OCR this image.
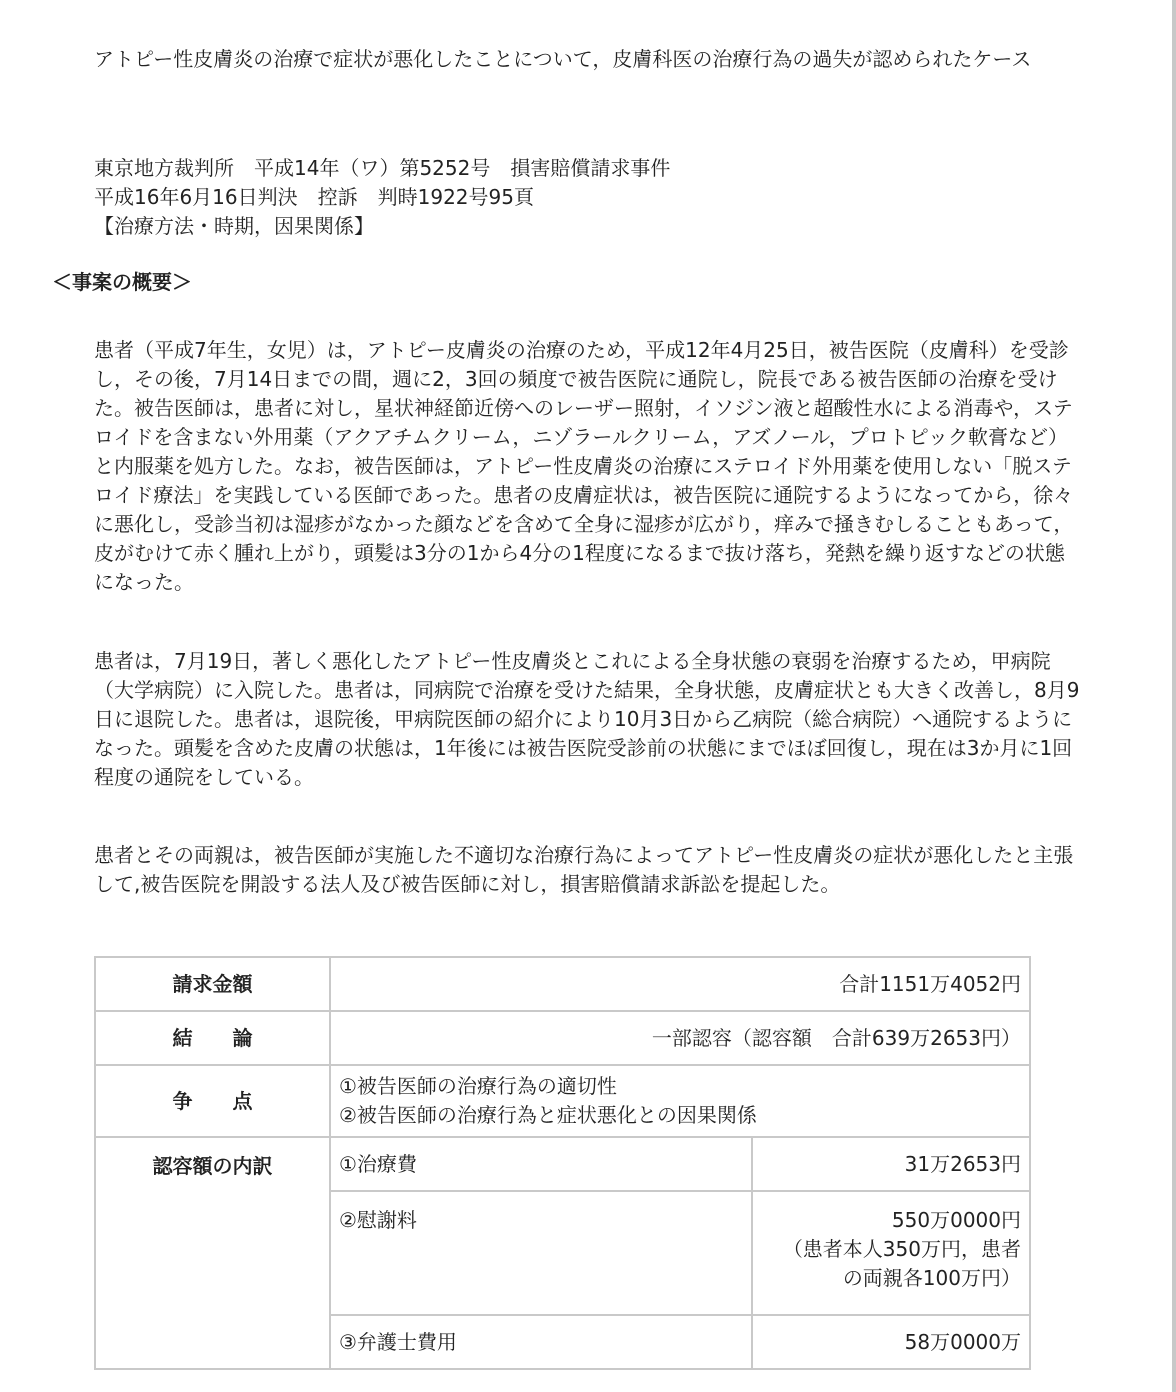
アトピー性皮膚炎の治療で症状が悪化したことについて，皮膚科医の治療行為の過失が認められたケース

東京地方裁判所　平成14年（ワ）第5252号　損害賠償請求事件

平成16年6月16日判決　控訴　判時1922号95頁

【治療方法・時期，因果関係】

＜事案の概要＞

患者（平成7年生，女児）は，アトピー皮膚炎の治療のため，平成12年4月25日，被告医院（皮膚科）を受診し，その後，7月14日までの間，週に2，3回の頻度で被告医院に通院し，院長である被告医師の治療を受けた。被告医師は，患者に対し，星状神経節近傍へのレーザー照射，イソジン液と超酸性水による消毒や，ステロイドを含まない外用薬（アクアチムクリーム，ニゾラールクリーム，アズノール，プロトピック軟膏など）と内服薬を処方した。なお，被告医師は，アトピー性皮膚炎の治療にステロイド外用薬を使用しない「脱ステロイド療法」を実践している医師であった。患者の皮膚症状は，被告医院に通院するようになってから，徐々に悪化し，受診当初は湿疹がなかった顔などを含めて全身に湿疹が広がり，痒みで掻きむしることもあって，皮がむけて赤く腫れ上がり，頭髪は3分の1から4分の1程度になるまで抜け落ち，発熱を繰り返すなどの状態になった。

患者は，7月19日，著しく悪化したアトピー性皮膚炎とこれによる全身状態の衰弱を治療するため，甲病院（大学病院）に入院した。患者は，同病院で治療を受けた結果，全身状態，皮膚症状とも大きく改善し，8月9日に退院した。患者は，退院後，甲病院医師の紹介により10月3日から乙病院（総合病院）へ通院するようになった。頭髪を含めた皮膚の状態は，1年後には被告医院受診前の状態にまでほぼ回復し，現在は3か月に1回程度の通院をしている。

患者とその両親は，被告医師が実施した不適切な治療行為によってアトピー性皮膚炎の症状が悪化したと主張して,被告医院を開設する法人及び被告医師に対し，損害賠償請求訴訟を提起した。

請求金額	合計1151万4052円	
結　　論	一部認容（認容額　合計639万2653円）	
争　　点	①被告医師の治療行為の適切性
②被告医師の治療行為と症状悪化との因果関係	

認容額の内訳	①治療費	31万2653円
	②慰謝料	550万0000円
（患者本人350万円，患者
の両親各100万円）

	③弁護士費用	58万0000万
